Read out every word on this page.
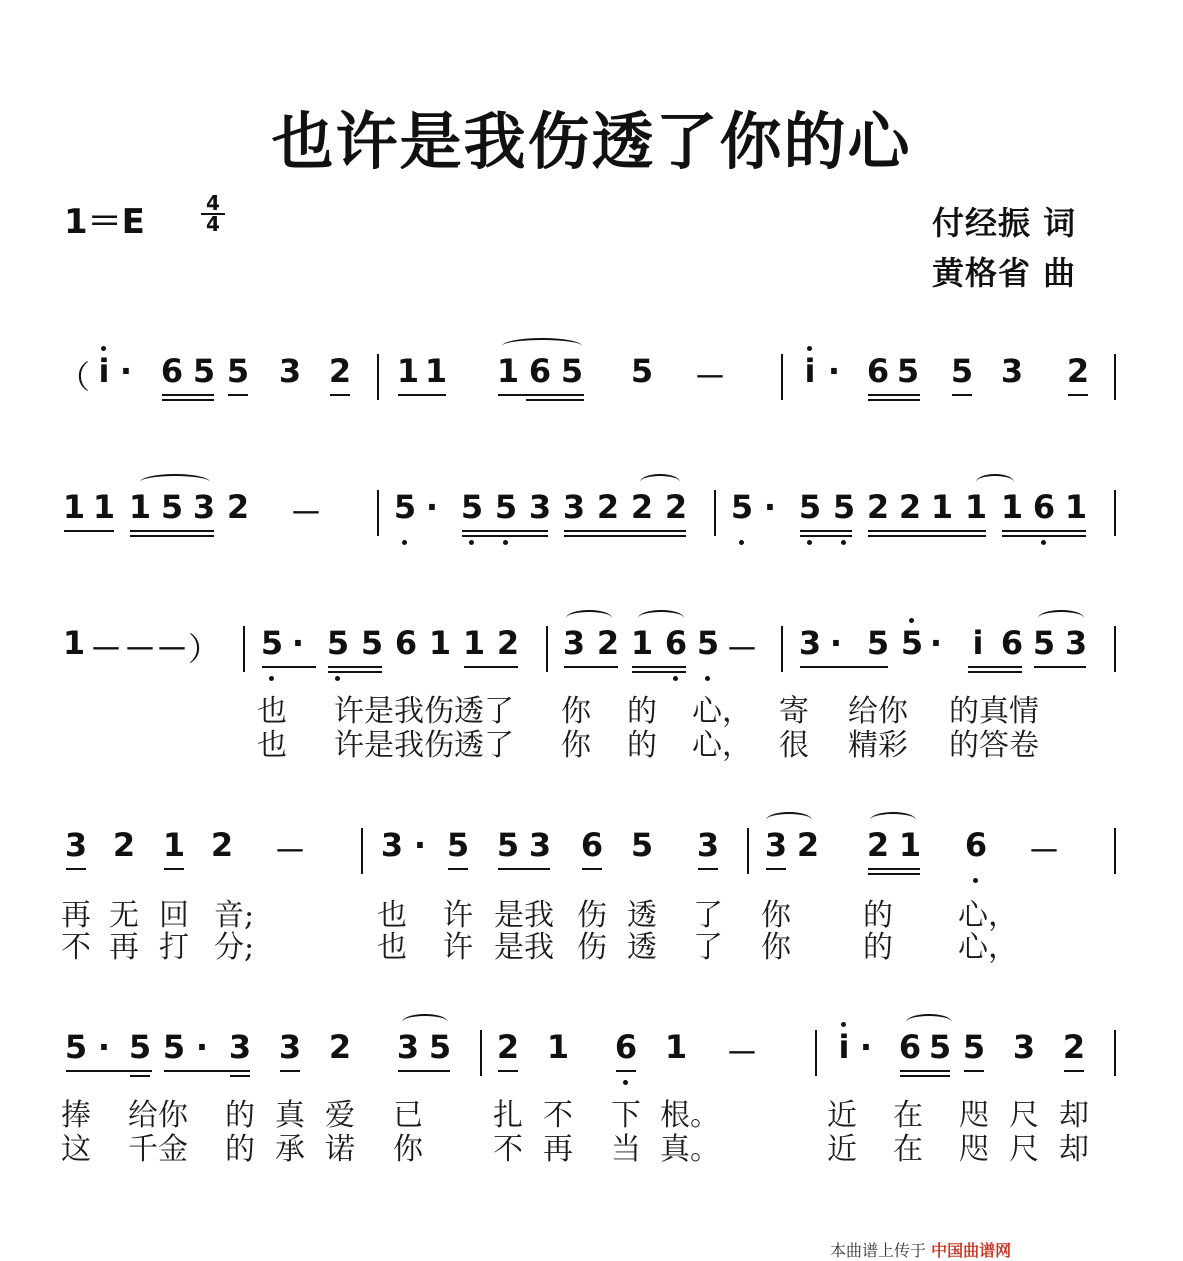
也许是我伤透了你的心
1＝E	4
4	付经振 词
黄格省 曲
（ i · 6 5 5 3 2 1 1 1 6 5 5 － i · 6 5 5 3 2
1 1 1 5 3 2 － 5 · 5 5 3 3 2 2 2 5 · 5 5 2 2 1 1 1 6 1
1 － － － ） 5 · 5 5 6 1 1 2 3 2 1 6 5 － 3 · 5 5 · i 6 5 3
也 许是我伤透了 你 的 心， 寄 给你 的真情
也 许是我伤透了 你 的 心， 很 精彩 的答卷
3 2 1 2 － 3 · 5 5 3 6 5 3 3 2 2 1 6 －
再 无 回 音;	也 许 是我 伤 透 了 你 的 心，
不 再 打 分;	也 许 是我 伤 透 了 你 的 心，
5 · 5 5 · 3 3 2 3 5 2 1 6 1 －	i · 6 5 5 3 2
捧 给你 的 真 爱 已 扎 不 下 根。	近 在 咫 尺 却
这 千金 的 承 诺 你 不 再 当 真。	近 在 咫 尺 却
本曲谱上传于 中国曲谱网
